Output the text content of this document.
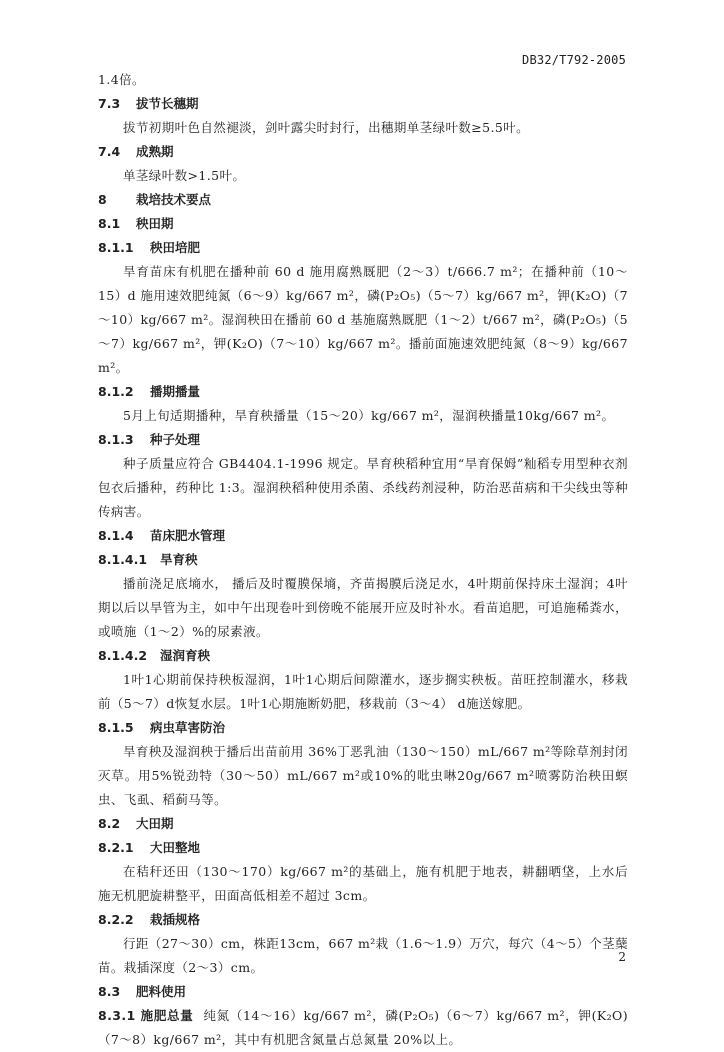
DB32/T792-2005
1.4倍。
7.3 拔节长穗期
拔节初期叶色自然褪淡，剑叶露尖时封行，出穗期单茎绿叶数≥5.5叶。
7.4 成熟期
单茎绿叶数>1.5叶。
8 栽培技术要点
8.1 秧田期
8.1.1 秧田培肥
旱育苗床有机肥在播种前 60 d 施用腐熟厩肥（2～3）t/666.7 m²；在播种前（10～15）d 施用速效肥纯氮（6～9）kg/667 m²，磷(P₂O₅)（5～7）kg/667 m²，钾(K₂O)（7～10）kg/667 m²。湿润秧田在播前 60 d 基施腐熟厩肥（1～2）t/667 m²，磷(P₂O₅)（5～7）kg/667 m²，钾(K₂O)（7～10）kg/667 m²。播前面施速效肥纯氮（8～9）kg/667 m²。
8.1.2 播期播量
5月上旬适期播种，旱育秧播量（15～20）kg/667 m²，湿润秧播量10kg/667 m²。
8.1.3 种子处理
种子质量应符合 GB4404.1-1996 规定。旱育秧稻种宜用“旱育保姆”籼稻专用型种衣剂包衣后播种，药种比 1:3。湿润秧稻种使用杀菌、杀线药剂浸种，防治恶苗病和干尖线虫等种传病害。
8.1.4 苗床肥水管理
8.1.4.1 旱育秧
播前浇足底墒水， 播后及时覆膜保墒，齐苗揭膜后浇足水，4叶期前保持床土湿润；4叶期以后以旱管为主，如中午出现卷叶到傍晚不能展开应及时补水。看苗追肥，可追施稀粪水，或喷施（1～2）%的尿素液。
8.1.4.2 湿润育秧
1叶1心期前保持秧板湿润，1叶1心期后间隙灌水，逐步搁实秧板。苗旺控制灌水，移栽前（5～7）d恢复水层。1叶1心期施断奶肥，移栽前（3～4） d施送嫁肥。
8.1.5 病虫草害防治
旱育秧及湿润秧于播后出苗前用 36%丁恶乳油（130～150）mL/667 m²等除草剂封闭灭草。用5%锐劲特（30～50）mL/667 m²或10%的吡虫啉20g/667 m²喷雾防治秧田螟虫、飞虱、稻蓟马等。
8.2 大田期
8.2.1 大田整地
在秸秆还田（130～170）kg/667 m²的基础上，施有机肥于地表，耕翻晒垡，上水后施无机肥旋耕整平，田面高低相差不超过 3cm。
8.2.2 栽插规格
行距（27～30）cm，株距13cm，667 m²栽（1.6～1.9）万穴，每穴（4～5）个茎蘖苗。栽插深度（2～3）cm。
8.3 肥料使用
8.3.1 施肥总量 纯氮（14～16）kg/667 m²，磷(P₂O₅)（6～7）kg/667 m²，钾(K₂O)（7～8）kg/667 m²，其中有机肥含氮量占总氮量 20%以上。
2
